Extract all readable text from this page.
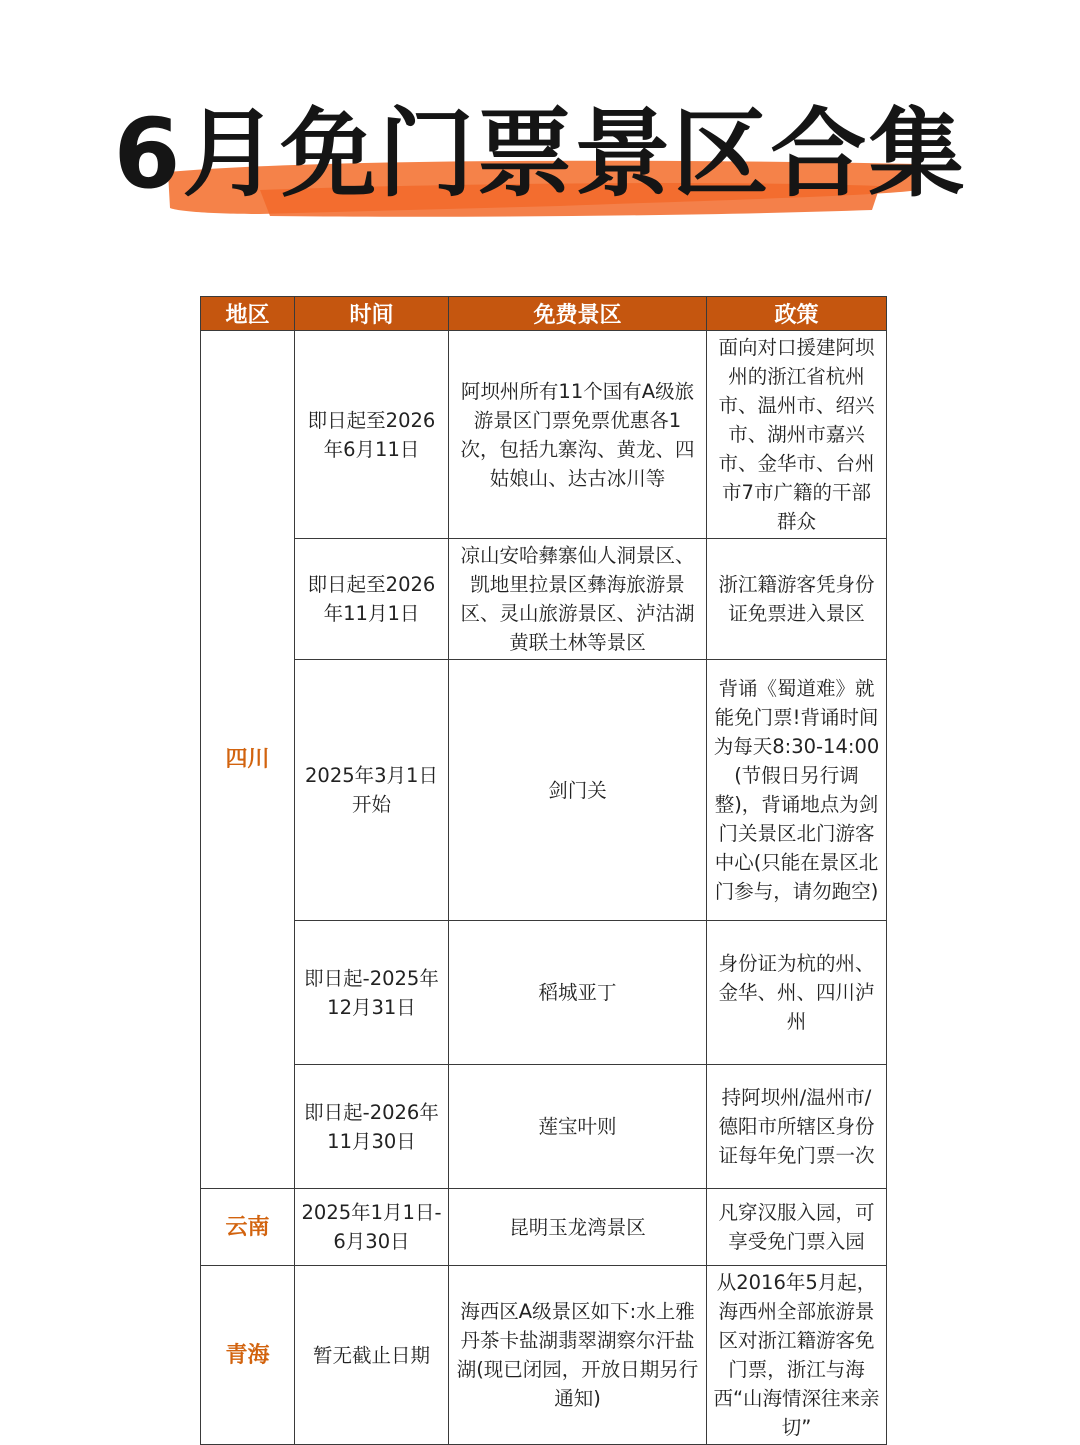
6月免门票景区合集
地区	时间	免费景区	政策
四川	即日起至2026年6月11日	阿坝州所有11个国有A级旅游景区门票免票优惠各1次，包括九寨沟、黄龙、四姑娘山、达古冰川等	面向对口援建阿坝州的浙江省杭州市、温州市、绍兴市、湖州市嘉兴市、金华市、台州市7市广籍的干部群众
	即日起至2026年11月1日	凉山安哈彝寨仙人洞景区、凯地里拉景区彝海旅游景区、灵山旅游景区、泸沽湖黄联土林等景区	浙江籍游客凭身份证免票进入景区
	2025年3月1日开始	剑门关	背诵《蜀道难》就能免门票!背诵时间为每天8:30-14:00(节假日另行调整)，背诵地点为剑门关景区北门游客中心(只能在景区北门参与，请勿跑空)
	即日起-2025年12月31日	稻城亚丁	身份证为杭的州、金华、州、四川泸州
	即日起-2026年11月30日	莲宝叶则	持阿坝州/温州市/德阳市所辖区身份证每年免门票一次
云南	2025年1月1日-6月30日	昆明玉龙湾景区	凡穿汉服入园，可享受免门票入园
青海	暂无截止日期	海西区A级景区如下:水上雅丹茶卡盐湖翡翠湖察尔汗盐湖(现已闭园，开放日期另行通知)	从2016年5月起，海西州全部旅游景区对浙江籍游客免门票，浙江与海西“山海情深往来亲切”
